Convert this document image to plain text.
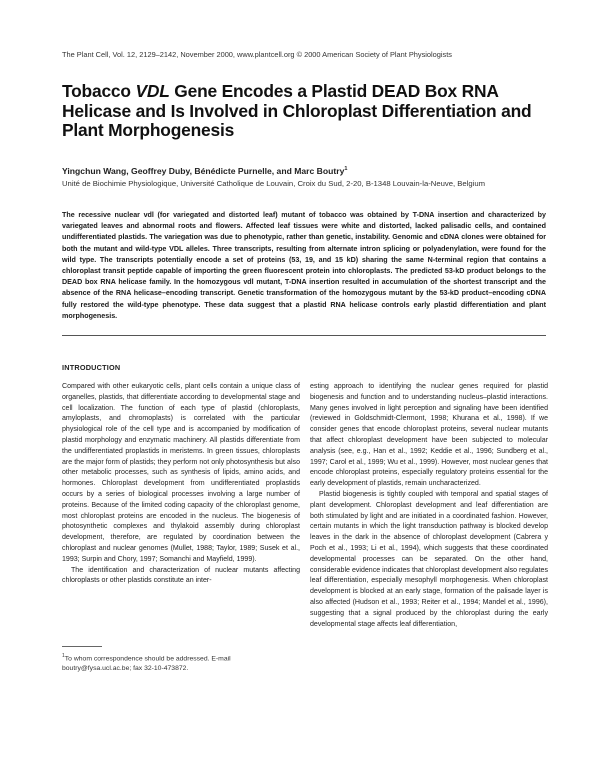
The Plant Cell, Vol. 12, 2129–2142, November 2000, www.plantcell.org © 2000 American Society of Plant Physiologists
Tobacco VDL Gene Encodes a Plastid DEAD Box RNA Helicase and Is Involved in Chloroplast Differentiation and Plant Morphogenesis
Yingchun Wang, Geoffrey Duby, Bénédicte Purnelle, and Marc Boutry$^1$
Unité de Biochimie Physiologique, Université Catholique de Louvain, Croix du Sud, 2-20, B-1348 Louvain-la-Neuve, Belgium
The recessive nuclear vdl (for variegated and distorted leaf) mutant of tobacco was obtained by T-DNA insertion and characterized by variegated leaves and abnormal roots and flowers. Affected leaf tissues were white and distorted, lacked palisadic cells, and contained undifferentiated plastids. The variegation was due to phenotypic, rather than genetic, instability. Genomic and cDNA clones were obtained for both the mutant and wild-type VDL alleles. Three transcripts, resulting from alternate intron splicing or polyadenylation, were found for the wild type. The transcripts potentially encode a set of proteins (53, 19, and 15 kD) sharing the same N-terminal region that contains a chloroplast transit peptide capable of importing the green fluorescent protein into chloroplasts. The predicted 53-kD product belongs to the DEAD box RNA helicase family. In the homozygous vdl mutant, T-DNA insertion resulted in accumulation of the shortest transcript and the absence of the RNA helicase–encoding transcript. Genetic transformation of the homozygous mutant by the 53-kD product–encoding cDNA fully restored the wild-type phenotype. These data suggest that a plastid RNA helicase controls early plastid differentiation and plant morphogenesis.
INTRODUCTION

Compared with other eukaryotic cells, plant cells contain a unique class of organelles, plastids, that differentiate according to developmental stage and cell localization. The function of each type of plastid (chloroplasts, amyloplasts, and chromoplasts) is correlated with the particular physiological role of the cell type and is accompanied by modification of plastid morphology and enzymatic machinery. All plastids differentiate from the undifferentiated proplastids in meristems. In green tissues, chloroplasts are the major form of plastids; they perform not only photosynthesis but also other metabolic processes, such as synthesis of lipids, amino acids, and hormones. Chloroplast development from undifferentiated proplastids occurs by a series of biological processes involving a large number of proteins. Because of the limited coding capacity of the chloroplast genome, most chloroplast proteins are encoded in the nucleus. The biogenesis of photosynthetic complexes and thylakoid assembly during chloroplast development, therefore, are regulated by coordination between the chloroplast and nuclear genomes (Mullet, 1988; Taylor, 1989; Susek et al., 1993; Surpin and Chory, 1997; Somanchi and Mayfield, 1999).

The identification and characterization of nuclear mutants affecting chloroplasts or other plastids constitute an inter-

esting approach to identifying the nuclear genes required for plastid biogenesis and function and to understanding nucleus–plastid interactions. Many genes involved in light perception and signaling have been identified (reviewed in Goldschmidt-Clermont, 1998; Khurana et al., 1998). If we consider genes that encode chloroplast proteins, several nuclear mutants that affect chloroplast development have been subjected to molecular analysis (see, e.g., Han et al., 1992; Keddie et al., 1996; Sundberg et al., 1997; Carol et al., 1999; Wu et al., 1999). However, most nuclear genes that encode chloroplast proteins, especially regulatory proteins essential for the early development of plastids, remain uncharacterized.

Plastid biogenesis is tightly coupled with temporal and spatial stages of plant development. Chloroplast development and leaf differentiation are both stimulated by light and are initiated in a coordinated fashion. However, certain mutants in which the light transduction pathway is blocked develop leaves in the dark in the absence of chloroplast development (Cabrera y Poch et al., 1993; Li et al., 1994), which suggests that these coordinated developmental processes can be separated. On the other hand, considerable evidence indicates that chloroplast development also regulates leaf differentiation, especially mesophyll morphogenesis. When chloroplast development is blocked at an early stage, formation of the palisade layer is also affected (Hudson et al., 1993; Reiter et al., 1994; Mandel et al., 1996), suggesting that a signal produced by the chloroplast during the early developmental stage affects leaf differentiation,

$^1$To whom correspondence should be addressed. E-mail boutry@fysa.ucl.ac.be; fax 32-10-473872.
